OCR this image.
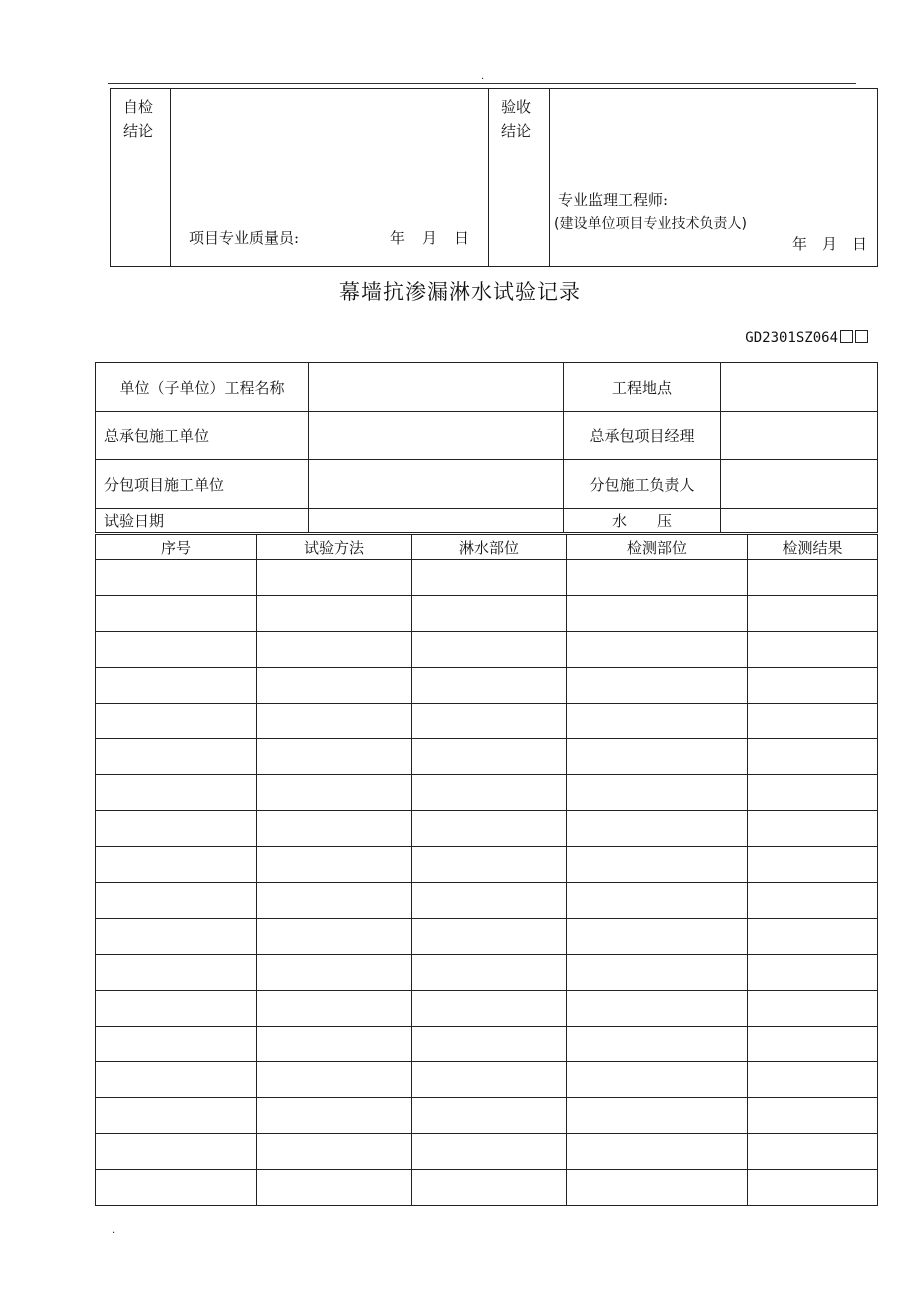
.
自检
结论

项目专业质量员:	年　月　日

验收
结论

专业监理工程师:
(建设单位项目专业技术负责人)
年　月　日
幕墙抗渗漏淋水试验记录
GD2301SZ064
单位（子单位）工程名称		工程地点	
总承包施工单位		总承包项目经理	
分包项目施工单位		分包施工负责人	
试验日期		水　　压	
序号	试验方法	淋水部位	检测部位	检测结果

.
